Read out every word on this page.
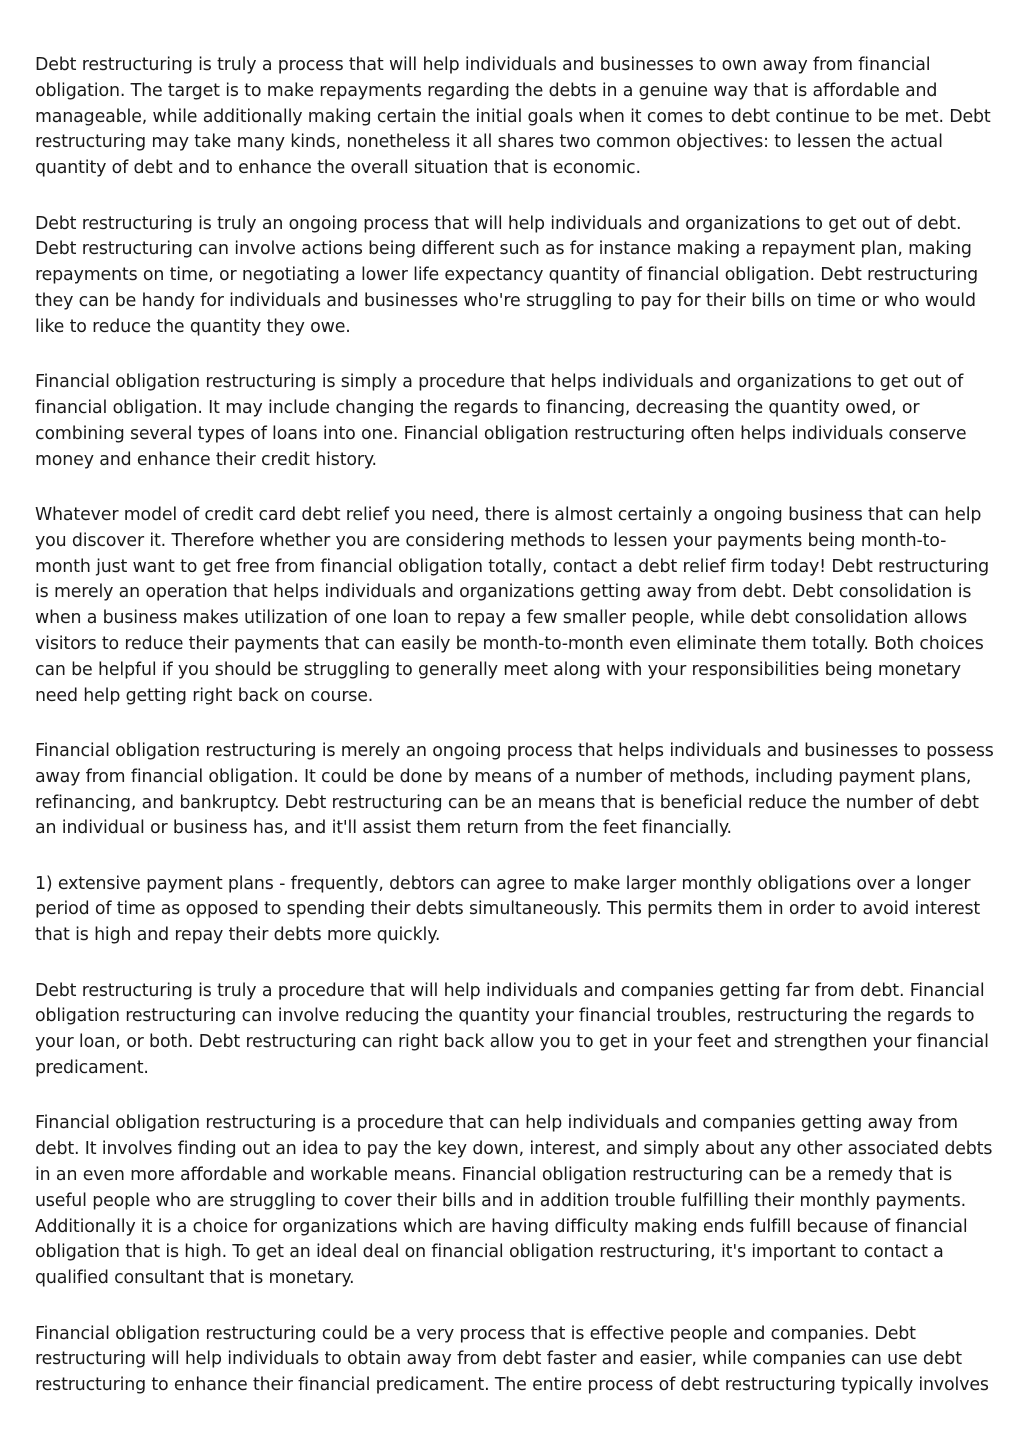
Debt restructuring is truly a process that will help individuals and businesses to own away from financial obligation. The target is to make repayments regarding the debts in a genuine way that is affordable and manageable, while additionally making certain the initial goals when it comes to debt continue to be met. Debt restructuring may take many kinds, nonetheless it all shares two common objectives: to lessen the actual quantity of debt and to enhance the overall situation that is economic.

Debt restructuring is truly an ongoing process that will help individuals and organizations to get out of debt. Debt restructuring can involve actions being different such as for instance making a repayment plan, making repayments on time, or negotiating a lower life expectancy quantity of financial obligation. Debt restructuring they can be handy for individuals and businesses who're struggling to pay for their bills on time or who would like to reduce the quantity they owe.

Financial obligation restructuring is simply a procedure that helps individuals and organizations to get out of financial obligation. It may include changing the regards to financing, decreasing the quantity owed, or combining several types of loans into one. Financial obligation restructuring often helps individuals conserve money and enhance their credit history.

Whatever model of credit card debt relief you need, there is almost certainly a ongoing business that can help you discover it. Therefore whether you are considering methods to lessen your payments being month-to-month just want to get free from financial obligation totally, contact a debt relief firm today! Debt restructuring is merely an operation that helps individuals and organizations getting away from debt. Debt consolidation is when a business makes utilization of one loan to repay a few smaller people, while debt consolidation allows visitors to reduce their payments that can easily be month-to-month even eliminate them totally. Both choices can be helpful if you should be struggling to generally meet along with your responsibilities being monetary need help getting right back on course.

Financial obligation restructuring is merely an ongoing process that helps individuals and businesses to possess away from financial obligation. It could be done by means of a number of methods, including payment plans, refinancing, and bankruptcy. Debt restructuring can be an means that is beneficial reduce the number of debt an individual or business has, and it'll assist them return from the feet financially.

1) extensive payment plans - frequently, debtors can agree to make larger monthly obligations over a longer period of time as opposed to spending their debts simultaneously. This permits them in order to avoid interest that is high and repay their debts more quickly.

Debt restructuring is truly a procedure that will help individuals and companies getting far from debt. Financial obligation restructuring can involve reducing the quantity your financial troubles, restructuring the regards to your loan, or both. Debt restructuring can right back allow you to get in your feet and strengthen your financial predicament.

Financial obligation restructuring is a procedure that can help individuals and companies getting away from debt. It involves finding out an idea to pay the key down, interest, and simply about any other associated debts in an even more affordable and workable means. Financial obligation restructuring can be a remedy that is useful people who are struggling to cover their bills and in addition trouble fulfilling their monthly payments. Additionally it is a choice for organizations which are having difficulty making ends fulfill because of financial obligation that is high. To get an ideal deal on financial obligation restructuring, it's important to contact a qualified consultant that is monetary.

Financial obligation restructuring could be a very process that is effective people and companies. Debt restructuring will help individuals to obtain away from debt faster and easier, while companies can use debt restructuring to enhance their financial predicament. The entire process of debt restructuring typically involves
